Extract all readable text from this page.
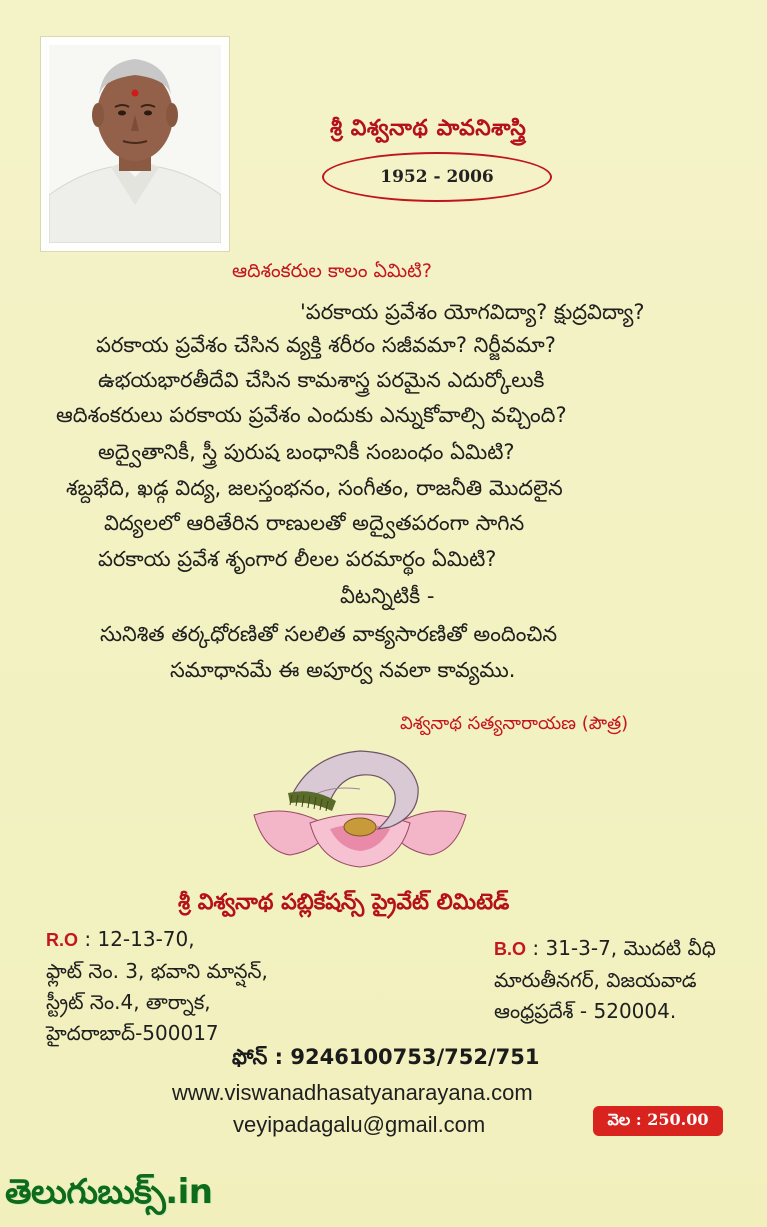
శ్రీ విశ్వనాథ పావనిశాస్త్రి
1952 - 2006
ఆదిశంకరుల కాలం ఏమిటి?
'పరకాయ ప్రవేశం యోగవిద్యా? క్షుద్రవిద్యా?
పరకాయ ప్రవేశం చేసిన వ్యక్తి శరీరం సజీవమా? నిర్జీవమా?
ఉభయభారతీదేవి చేసిన కామశాస్త్ర పరమైన ఎదుర్కోలుకి
ఆదిశంకరులు పరకాయ ప్రవేశం ఎందుకు ఎన్నుకోవాల్సి వచ్చింది?
అద్వైతానికీ, స్త్రీ పురుష బంధానికీ సంబంధం ఏమిటి?
శబ్దభేది, ఖడ్గ విద్య, జలస్తంభనం, సంగీతం, రాజనీతి మొదలైన
విద్యలలో ఆరితేరిన రాణులతో అద్వైతపరంగా సాగిన
పరకాయ ప్రవేశ శృంగార లీలల పరమార్థం ఏమిటి?
వీటన్నిటికీ -
సునిశిత తర్కధోరణితో సలలిత వాక్యసారణితో అందించిన
సమాధానమే ఈ అపూర్వ నవలా కావ్యము.
విశ్వనాథ సత్యనారాయణ (పౌత్ర)
శ్రీ విశ్వనాథ పబ్లికేషన్స్ ప్రైవేట్ లిమిటెడ్
R.O : 12-13-70,
ఫ్లాట్ నెం. 3, భవాని మాన్షన్,
స్ట్రీట్ నెం.4, తార్నాక,
హైదరాబాద్-500017
B.O : 31-3-7, మొదటి వీధి
మారుతీనగర్, విజయవాడ
ఆంధ్రప్రదేశ్ - 520004.
ఫోన్ : 9246100753/752/751
www.viswanadhasatyanarayana.com
veyipadagalu@gmail.com	వెల : 250.00
తెలుగుబుక్స్.in
